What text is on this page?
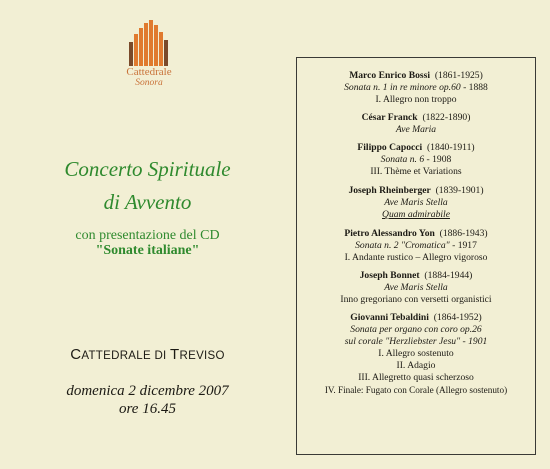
Cattedrale
Sonora
Concerto Spirituale
di Avvento
con presentazione del CD
"Sonate italiane"
CATTEDRALE DI TREVISO
domenica 2 dicembre 2007
ore 16.45
Marco Enrico Bossi (1861-1925)
Sonata n. 1 in re minore op.60 - 1888
I. Allegro non troppo
César Franck (1822-1890)
Ave Maria
Filippo Capocci (1840-1911)
Sonata n. 6 - 1908
III. Thème et Variations
Joseph Rheinberger (1839-1901)
Ave Maris Stella
Quam admirabile
Pietro Alessandro Yon (1886-1943)
Sonata n. 2 "Cromatica" - 1917
I. Andante rustico – Allegro vigoroso
Joseph Bonnet (1884-1944)
Ave Maris Stella
Inno gregoriano con versetti organistici
Giovanni Tebaldini (1864-1952)
Sonata per organo con coro op.26
sul corale "Herzliebster Jesu" - 1901
I. Allegro sostenuto
II. Adagio
III. Allegretto quasi scherzoso
IV. Finale: Fugato con Corale (Allegro sostenuto)
